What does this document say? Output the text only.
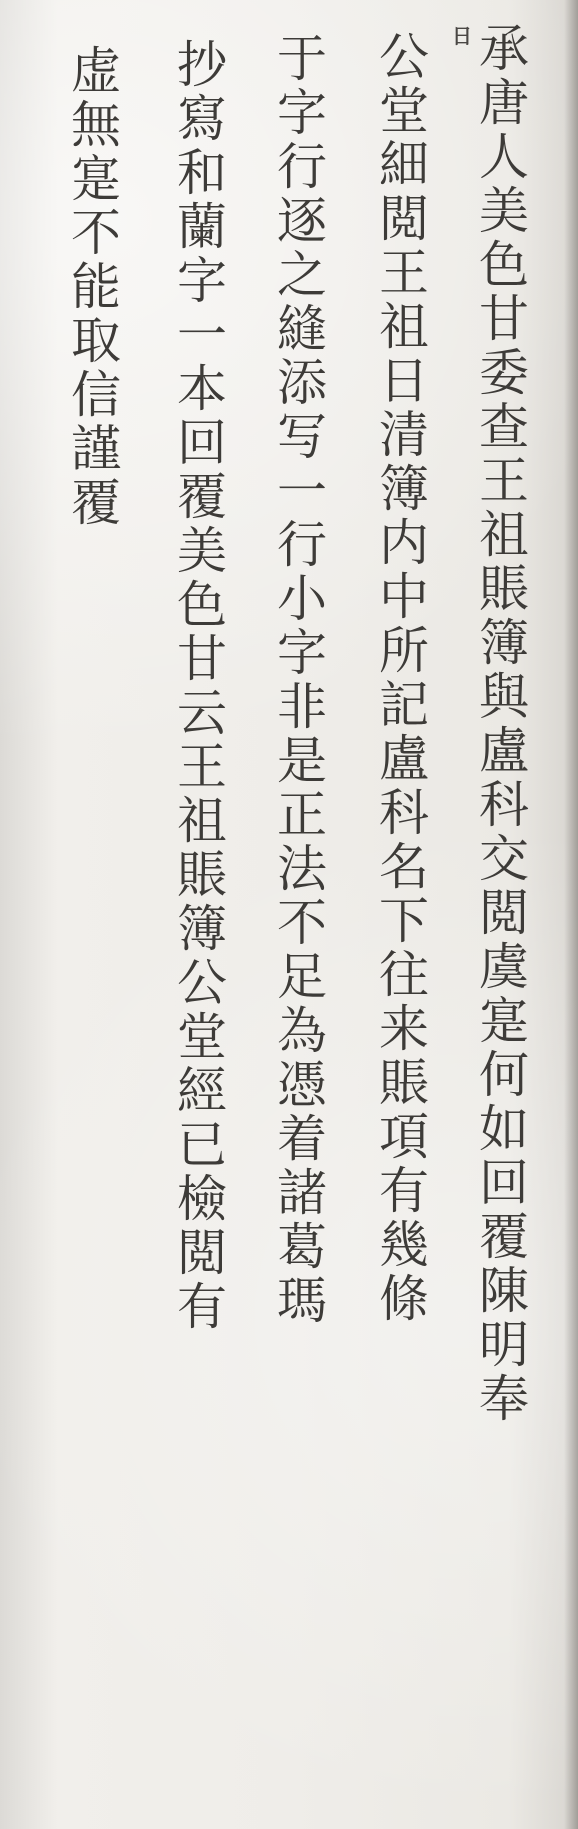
日 承唐人美色甘委查王祖賬簿與盧科交閲虞寔何如回覆陳明奉

公堂細閲王祖日清簿内中所記盧科名下往来賬項有幾條

于字行逐之縫添写一行小字非是正法不足為憑着諸葛瑪

抄寫和蘭字一本回覆美色甘云王祖賬簿公堂經已檢閲有

虚無寔不能取信謹覆
